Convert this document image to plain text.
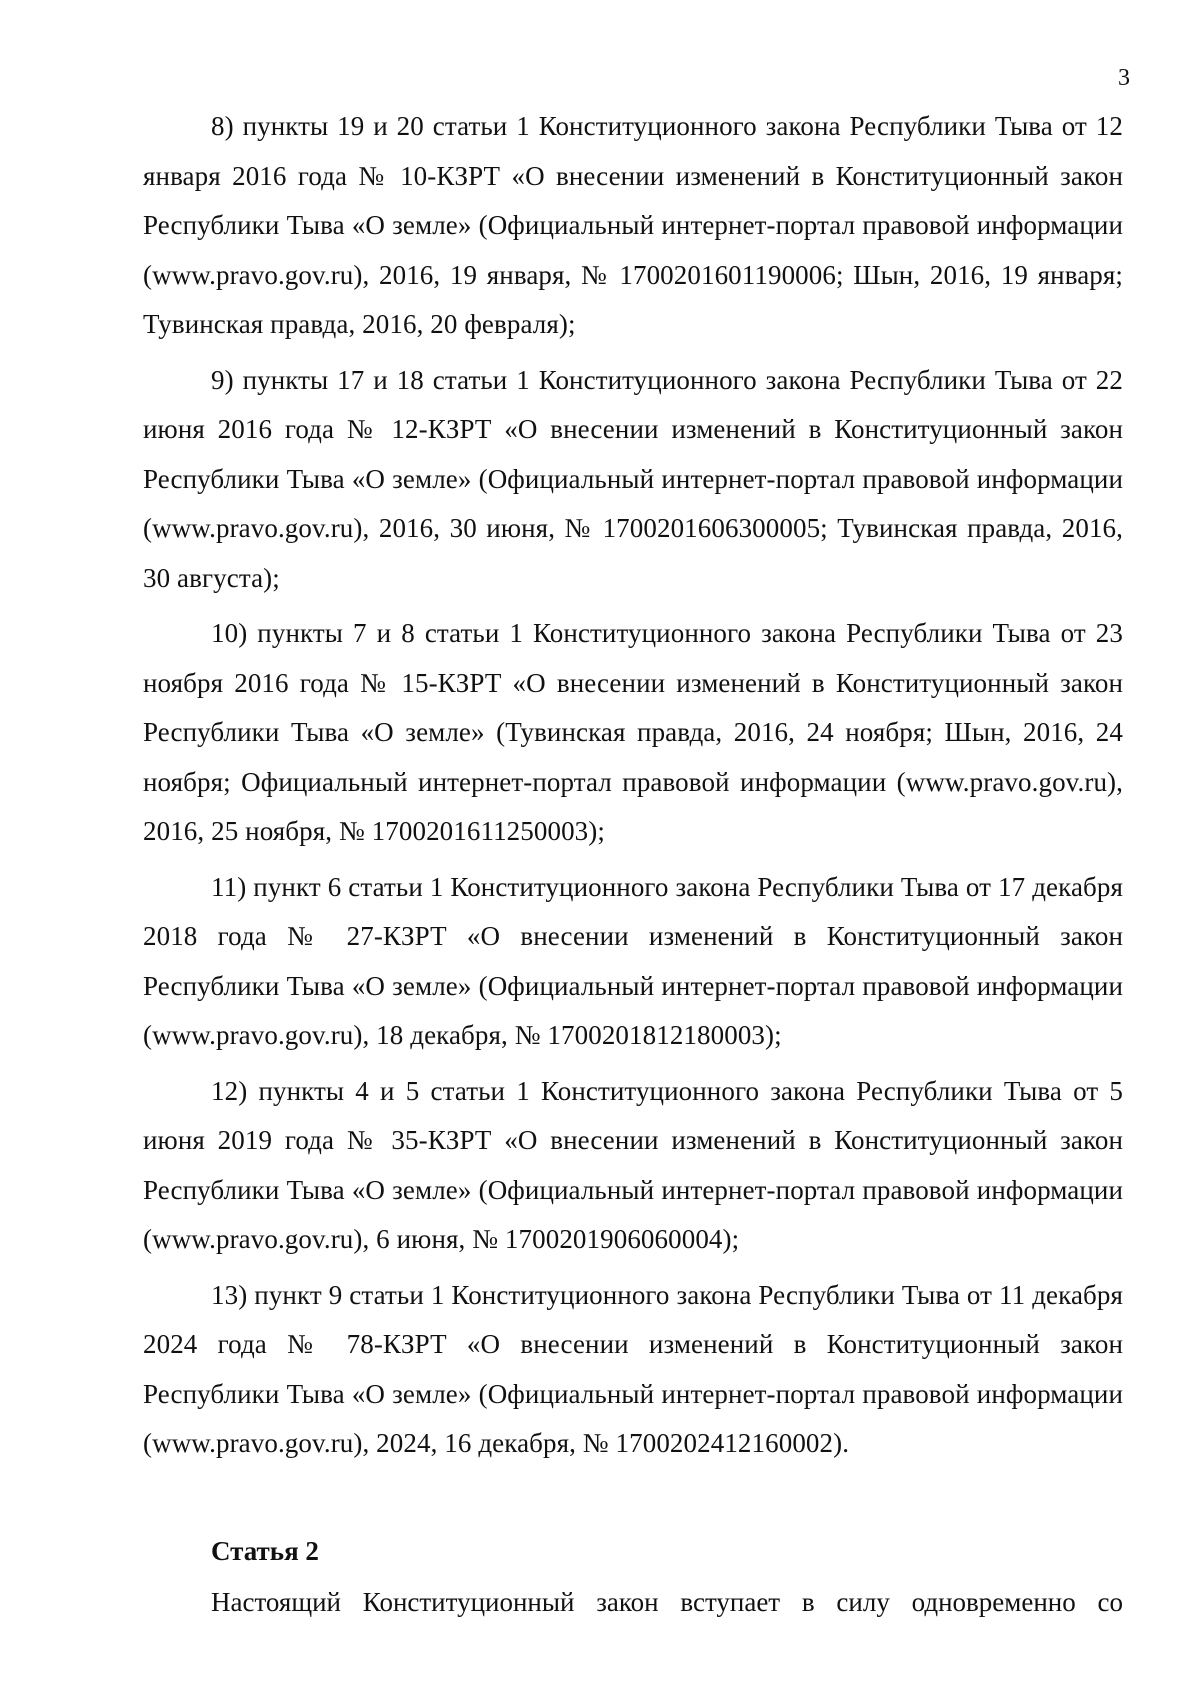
3

8) пункты 19 и 20 статьи 1 Конституционного закона Республики Тыва от 12 января 2016 года № 10-КЗРТ «О внесении изменений в Конституционный закон Республики Тыва «О земле» (Официальный интернет-портал правовой информации (www.pravo.gov.ru), 2016, 19 января, № 1700201601190006; Шын, 2016, 19 января; Тувинская правда, 2016, 20 февраля);

9) пункты 17 и 18 статьи 1 Конституционного закона Республики Тыва от 22 июня 2016 года № 12-КЗРТ «О внесении изменений в Конституционный закон Республики Тыва «О земле» (Официальный интернет-портал правовой информации (www.pravo.gov.ru), 2016, 30 июня, № 1700201606300005; Тувинская правда, 2016, 30 августа);

10) пункты 7 и 8 статьи 1 Конституционного закона Республики Тыва от 23 ноября 2016 года № 15-КЗРТ «О внесении изменений в Конституционный закон Республики Тыва «О земле» (Тувинская правда, 2016, 24 ноября; Шын, 2016, 24 ноября; Официальный интернет-портал правовой информации (www.pravo.gov.ru), 2016, 25 ноября, № 1700201611250003);

11) пункт 6 статьи 1 Конституционного закона Республики Тыва от 17 декабря 2018 года № 27-КЗРТ «О внесении изменений в Конституционный закон Республики Тыва «О земле» (Официальный интернет-портал правовой информации (www.pravo.gov.ru), 18 декабря, № 1700201812180003);

12) пункты 4 и 5 статьи 1 Конституционного закона Республики Тыва от 5 июня 2019 года № 35-КЗРТ «О внесении изменений в Конституционный закон Республики Тыва «О земле» (Официальный интернет-портал правовой информации (www.pravo.gov.ru), 6 июня, № 1700201906060004);

13) пункт 9 статьи 1 Конституционного закона Республики Тыва от 11 декабря 2024 года № 78-КЗРТ «О внесении изменений в Конституционный закон Республики Тыва «О земле» (Официальный интернет-портал правовой информации (www.pravo.gov.ru), 2024, 16 декабря, № 1700202412160002).

Статья 2

Настоящий Конституционный закон вступает в силу одновременно со
